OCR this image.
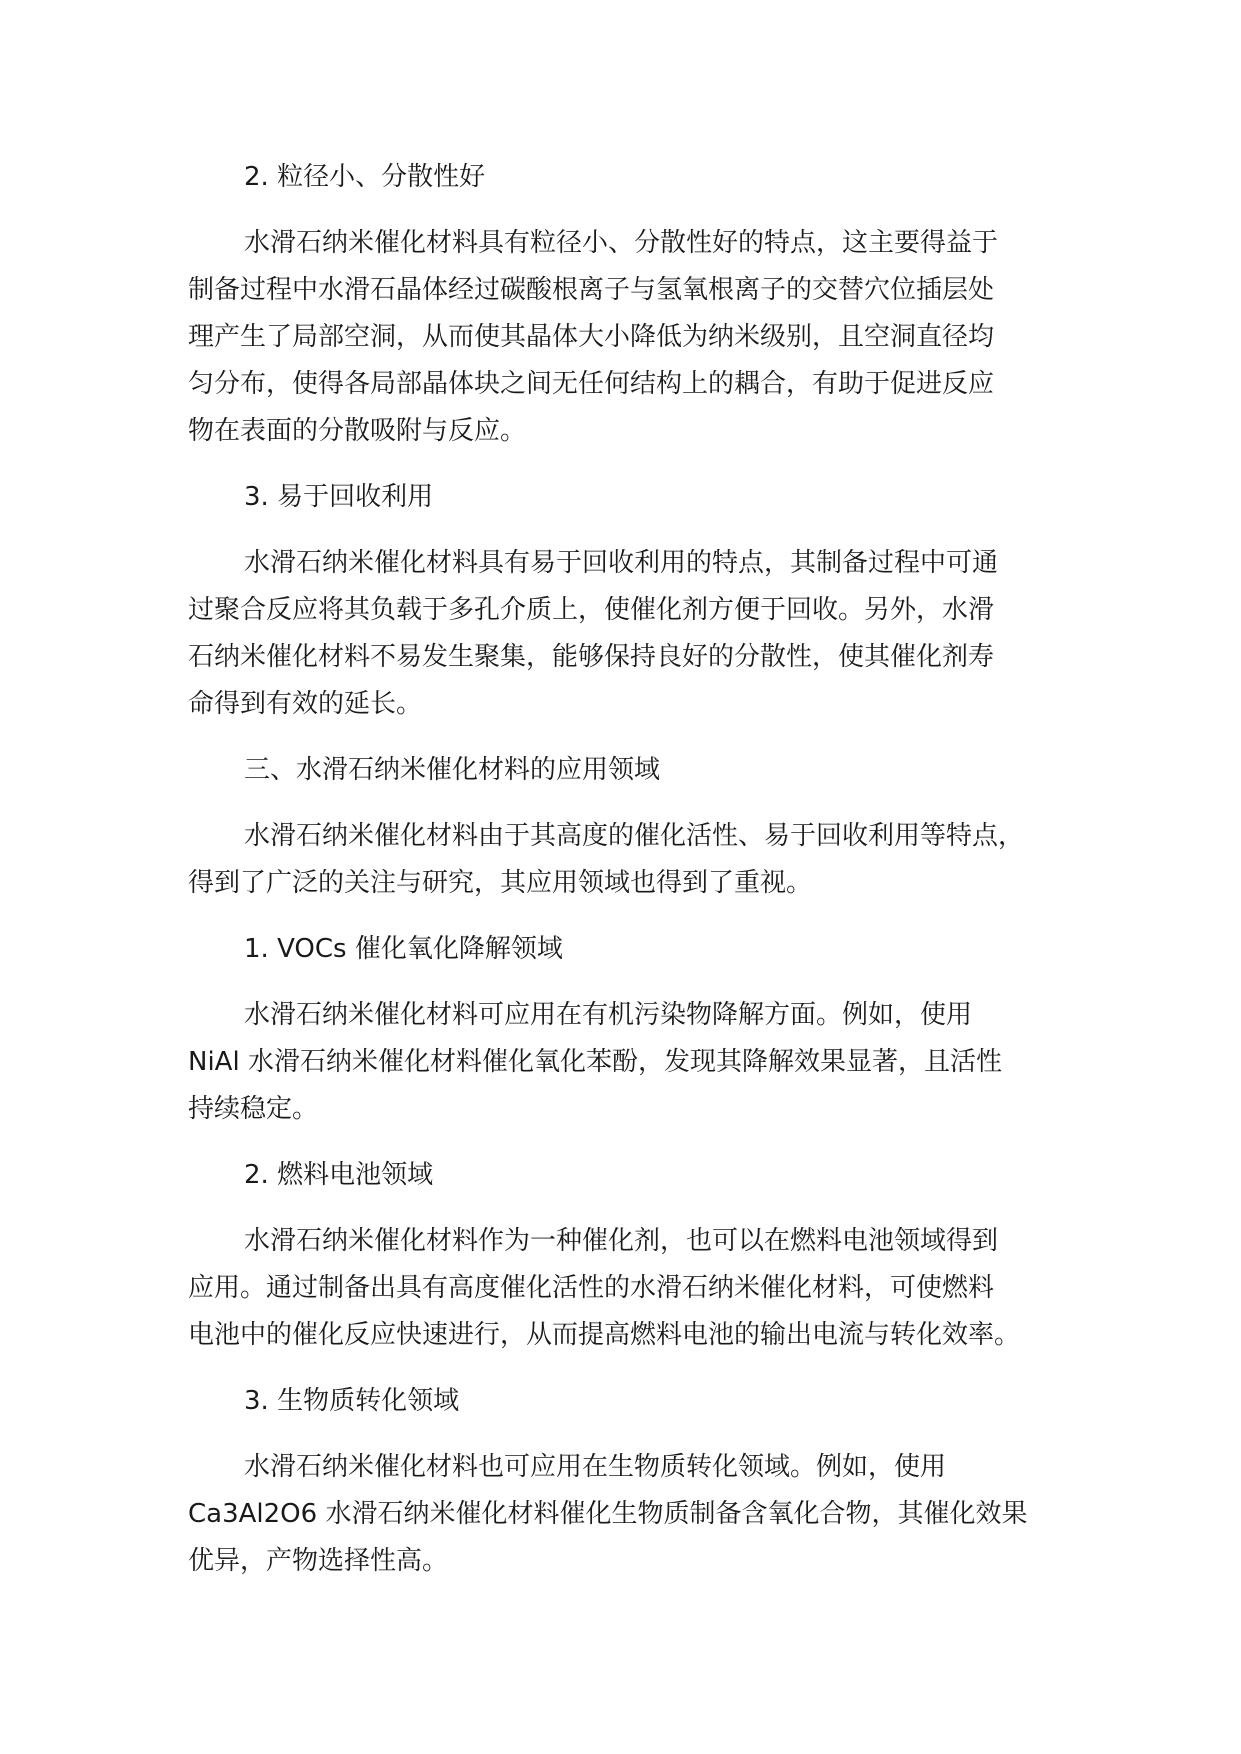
2. 粒径小、分散性好
水滑石纳米催化材料具有粒径小、分散性好的特点，这主要得益于
制备过程中水滑石晶体经过碳酸根离子与氢氧根离子的交替穴位插层处
理产生了局部空洞，从而使其晶体大小降低为纳米级别，且空洞直径均
匀分布，使得各局部晶体块之间无任何结构上的耦合，有助于促进反应
物在表面的分散吸附与反应。
3. 易于回收利用
水滑石纳米催化材料具有易于回收利用的特点，其制备过程中可通
过聚合反应将其负载于多孔介质上，使催化剂方便于回收。另外，水滑
石纳米催化材料不易发生聚集，能够保持良好的分散性，使其催化剂寿
命得到有效的延长。
三、水滑石纳米催化材料的应用领域
水滑石纳米催化材料由于其高度的催化活性、易于回收利用等特点，
得到了广泛的关注与研究，其应用领域也得到了重视。
1. VOCs 催化氧化降解领域
水滑石纳米催化材料可应用在有机污染物降解方面。例如，使用
NiAl 水滑石纳米催化材料催化氧化苯酚，发现其降解效果显著，且活性
持续稳定。
2. 燃料电池领域
水滑石纳米催化材料作为一种催化剂，也可以在燃料电池领域得到
应用。通过制备出具有高度催化活性的水滑石纳米催化材料，可使燃料
电池中的催化反应快速进行，从而提高燃料电池的输出电流与转化效率。
3. 生物质转化领域
水滑石纳米催化材料也可应用在生物质转化领域。例如，使用
Ca3Al2O6 水滑石纳米催化材料催化生物质制备含氧化合物，其催化效果
优异，产物选择性高。
